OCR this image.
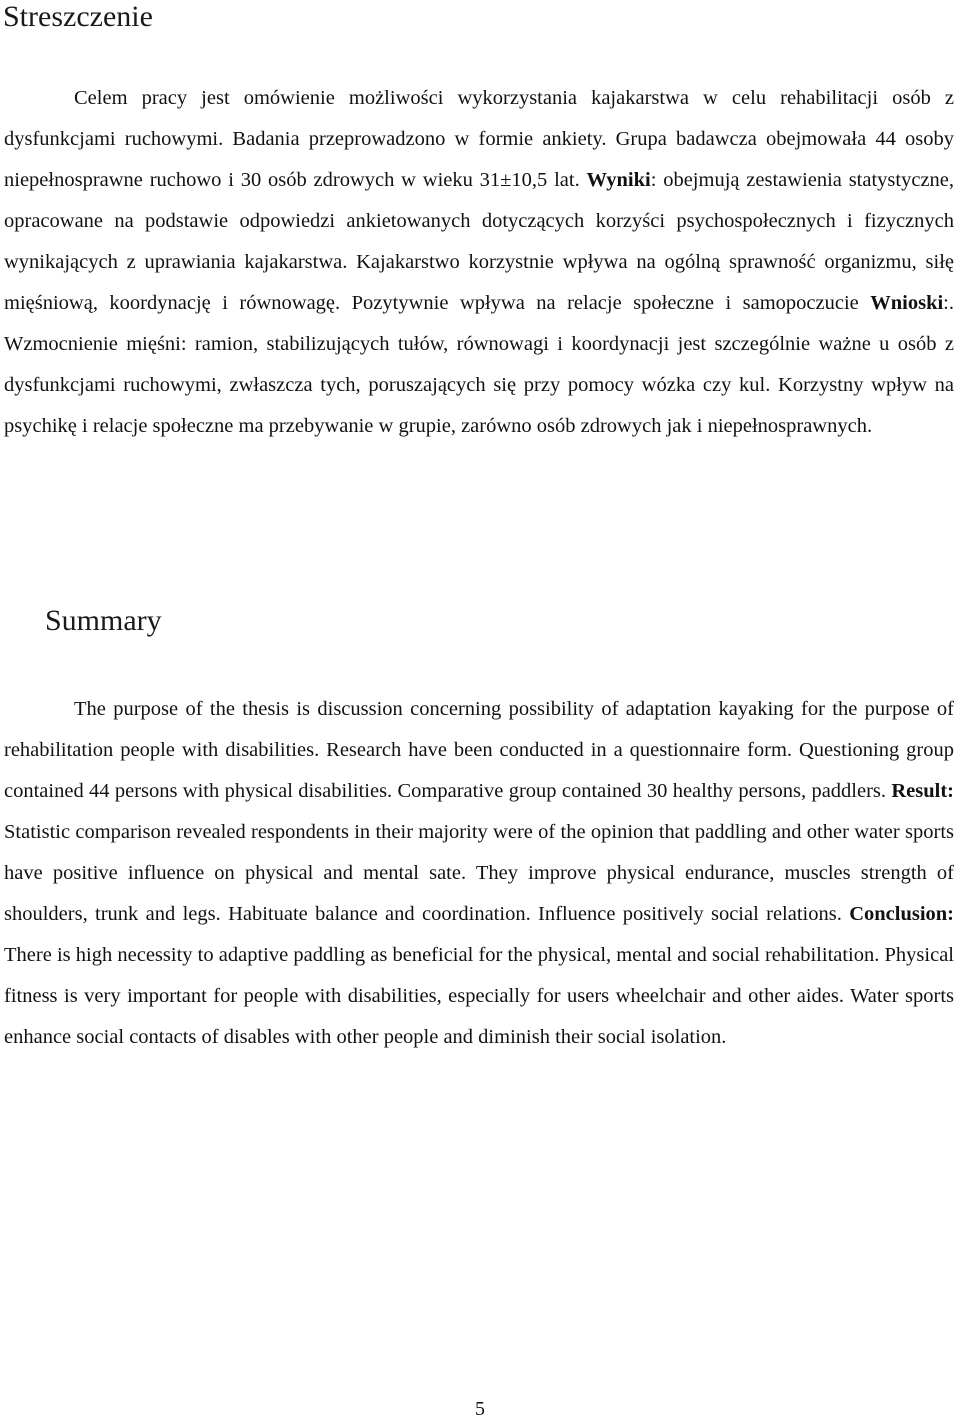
Streszczenie

Celem pracy jest omówienie możliwości wykorzystania kajakarstwa w celu rehabilitacji osób z dysfunkcjami ruchowymi. Badania przeprowadzono w formie ankiety. Grupa badawcza obejmowała 44 osoby niepełnosprawne ruchowo i 30 osób zdrowych w wieku 31±10,5 lat. Wyniki: obejmują zestawienia statystyczne, opracowane na podstawie odpowiedzi ankietowanych dotyczących korzyści psychospołecznych i fizycznych wynikających z uprawiania kajakarstwa. Kajakarstwo korzystnie wpływa na ogólną sprawność organizmu, siłę mięśniową, koordynację i równowagę. Pozytywnie wpływa na relacje społeczne i samopoczucie Wnioski:. Wzmocnienie mięśni: ramion, stabilizujących tułów, równowagi i koordynacji jest szczególnie ważne u osób z dysfunkcjami ruchowymi, zwłaszcza tych, poruszających się przy pomocy wózka czy kul. Korzystny wpływ na psychikę i relacje społeczne ma przebywanie w grupie, zarówno osób zdrowych jak i niepełnosprawnych.

Summary

The purpose of the thesis is discussion concerning possibility of adaptation kayaking for the purpose of rehabilitation people with disabilities. Research have been conducted in a questionnaire form. Questioning group contained 44 persons with physical disabilities. Comparative group contained 30 healthy persons, paddlers. Result: Statistic comparison revealed respondents in their majority were of the opinion that paddling and other water sports have positive influence on physical and mental sate. They improve physical endurance, muscles strength of shoulders, trunk and legs. Habituate balance and coordination. Influence positively social relations. Conclusion: There is high necessity to adaptive paddling as beneficial for the physical, mental and social rehabilitation. Physical fitness is very important for people with disabilities, especially for users wheelchair and other aides. Water sports enhance social contacts of disables with other people and diminish their social isolation.

5
